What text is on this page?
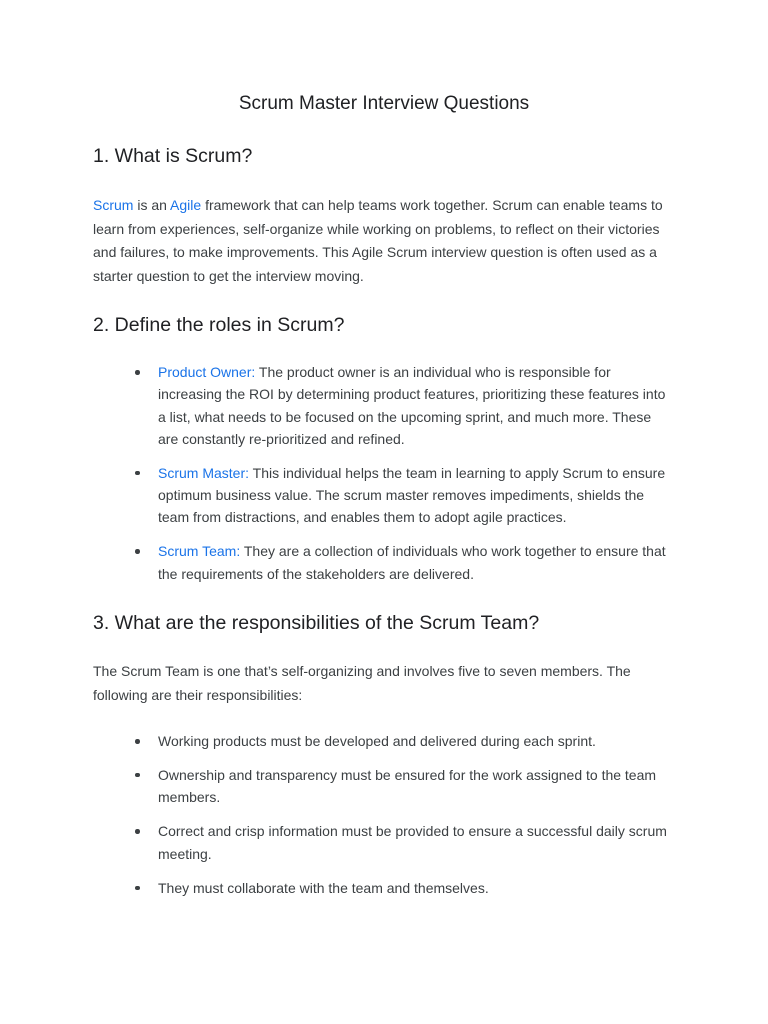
Scrum Master Interview Questions
1. What is Scrum?

Scrum is an Agile framework that can help teams work together. Scrum can enable teams to learn from experiences, self-organize while working on problems, to reflect on their victories and failures, to make improvements. This Agile Scrum interview question is often used as a starter question to get the interview moving.

2. Define the roles in Scrum?
Product Owner: The product owner is an individual who is responsible for increasing the ROI by determining product features, prioritizing these features into a list, what needs to be focused on the upcoming sprint, and much more. These are constantly re-prioritized and refined.
Scrum Master: This individual helps the team in learning to apply Scrum to ensure optimum business value. The scrum master removes impediments, shields the team from distractions, and enables them to adopt agile practices.
Scrum Team: They are a collection of individuals who work together to ensure that the requirements of the stakeholders are delivered.
3. What are the responsibilities of the Scrum Team?

The Scrum Team is one that’s self-organizing and involves five to seven members. The following are their responsibilities:

Working products must be developed and delivered during each sprint.
Ownership and transparency must be ensured for the work assigned to the team members.
Correct and crisp information must be provided to ensure a successful daily scrum meeting.
They must collaborate with the team and themselves.
